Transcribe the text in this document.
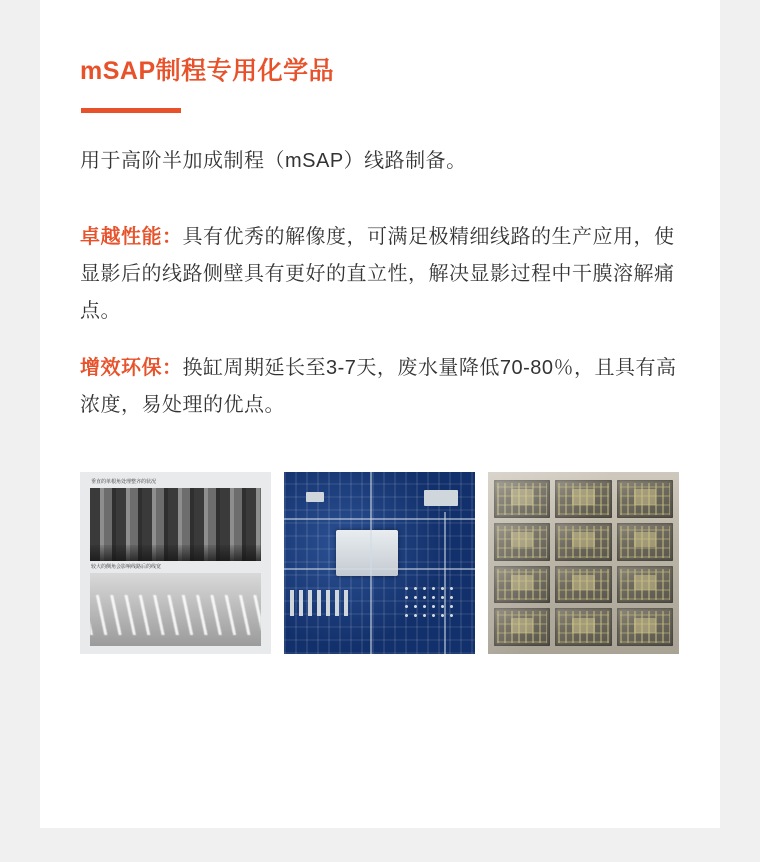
mSAP制程专用化学品

用于高阶半加成制程（mSAP）线路制备。

卓越性能：具有优秀的解像度，可满足极精细线路的生产应用，使显影后的线路侧壁具有更好的直立性，解决显影过程中干膜溶解痛点。

增效环保：换缸周期延长至3-7天，废水量降低70-80％，且具有高浓度，易处理的优点。

垂直的单根角处理整齐的状况
较大的侧角会影响线路后的线宽
